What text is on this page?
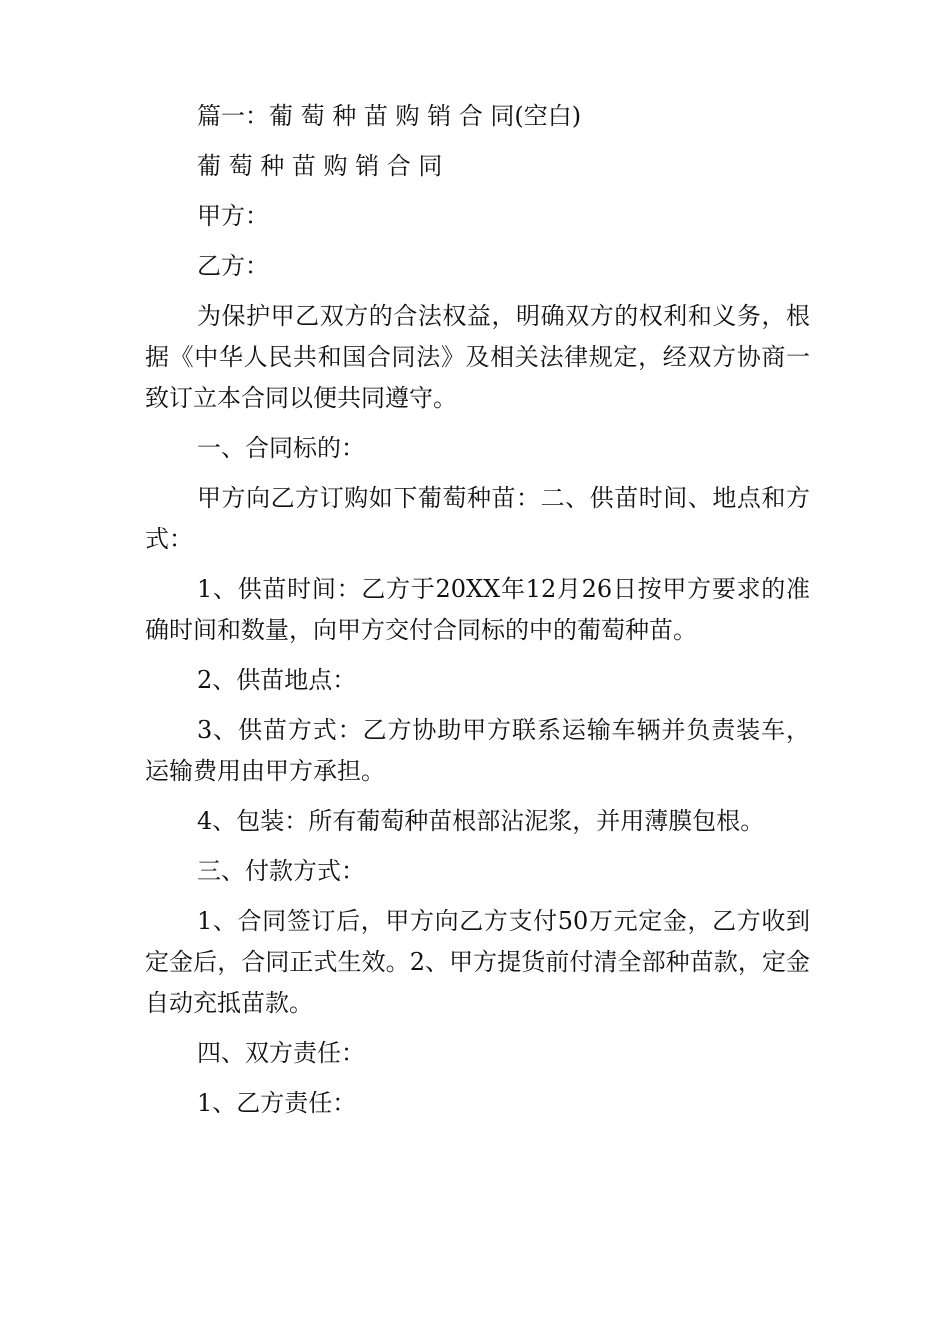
篇一：葡 萄 种 苗 购 销 合 同(空白)

葡 萄 种 苗 购 销 合 同

甲方：

乙方：

为保护甲乙双方的合法权益，明确双方的权利和义务，根据《中华人民共和国合同法》及相关法律规定，经双方协商一致订立本合同以便共同遵守。

一、合同标的：

甲方向乙方订购如下葡萄种苗：二、供苗时间、地点和方式：

1、供苗时间：乙方于20XX年12月26日按甲方要求的准确时间和数量，向甲方交付合同标的中的葡萄种苗。

2、供苗地点：

3、供苗方式：乙方协助甲方联系运输车辆并负责装车，运输费用由甲方承担。

4、包装：所有葡萄种苗根部沾泥浆，并用薄膜包根。

三、付款方式：

1、合同签订后，甲方向乙方支付50万元定金，乙方收到定金后，合同正式生效。2、甲方提货前付清全部种苗款，定金自动充抵苗款。

四、双方责任：

1、乙方责任：
